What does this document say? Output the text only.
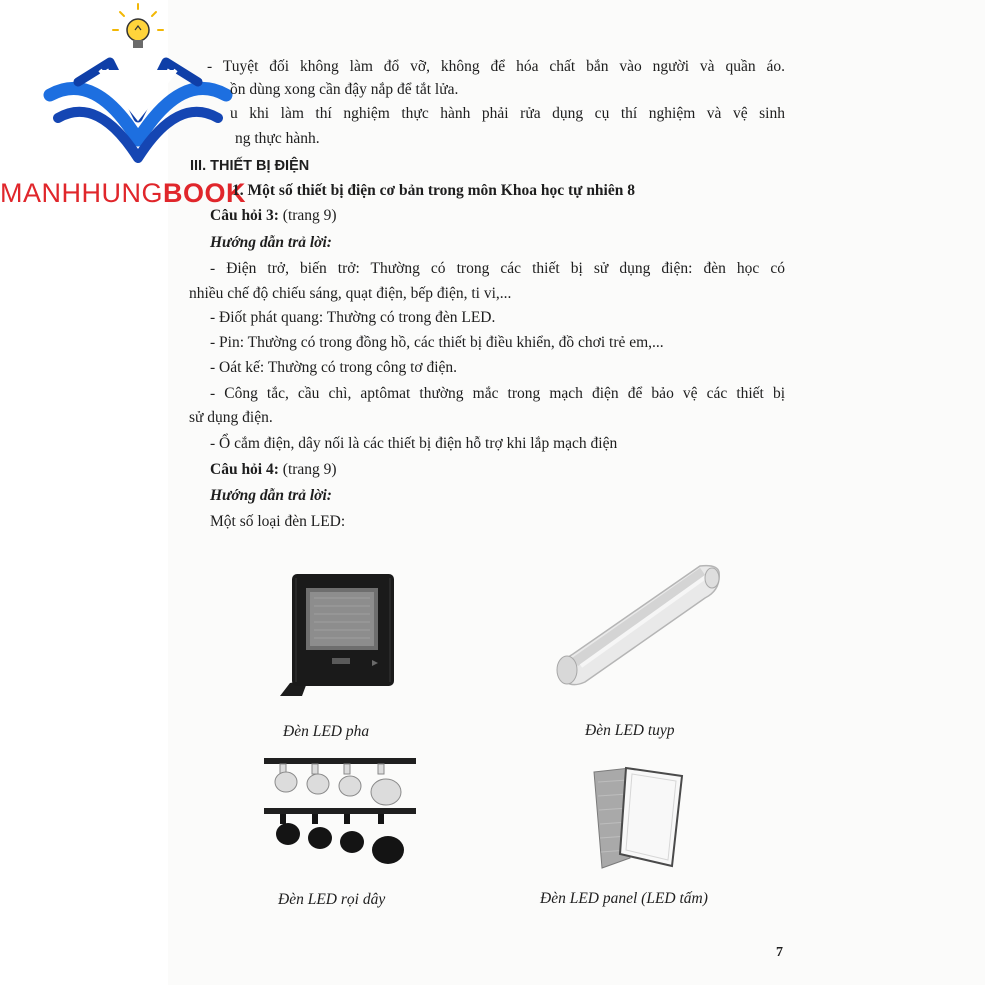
MANHHUNGBOOK
- Tuyệt đối không làm đổ vỡ, không để hóa chất bắn vào người và quần áo.
ồn dùng xong cần đậy nắp để tắt lửa.
u khi làm thí nghiệm thực hành phải rửa dụng cụ thí nghiệm và vệ sinh
ng thực hành.
III. THIẾT BỊ ĐIỆN
1. Một số thiết bị điện cơ bản trong môn Khoa học tự nhiên 8
Câu hỏi 3: (trang 9)
Hướng dẫn trả lời:
- Điện trở, biến trở: Thường có trong các thiết bị sử dụng điện: đèn học có
nhiều chế độ chiếu sáng, quạt điện, bếp điện, ti vi,...
- Điốt phát quang: Thường có trong đèn LED.
- Pin: Thường có trong đồng hồ, các thiết bị điều khiển, đồ chơi trẻ em,...
- Oát kế: Thường có trong công tơ điện.
- Công tắc, cầu chì, aptômat thường mắc trong mạch điện để bảo vệ các thiết bị
sử dụng điện.
- Ổ cắm điện, dây nối là các thiết bị điện hỗ trợ khi lắp mạch điện
Câu hỏi 4: (trang 9)
Hướng dẫn trả lời:
Một số loại đèn LED:
Đèn LED pha	Đèn LED tuyp
Đèn LED rọi dây	Đèn LED panel (LED tấm)
7
